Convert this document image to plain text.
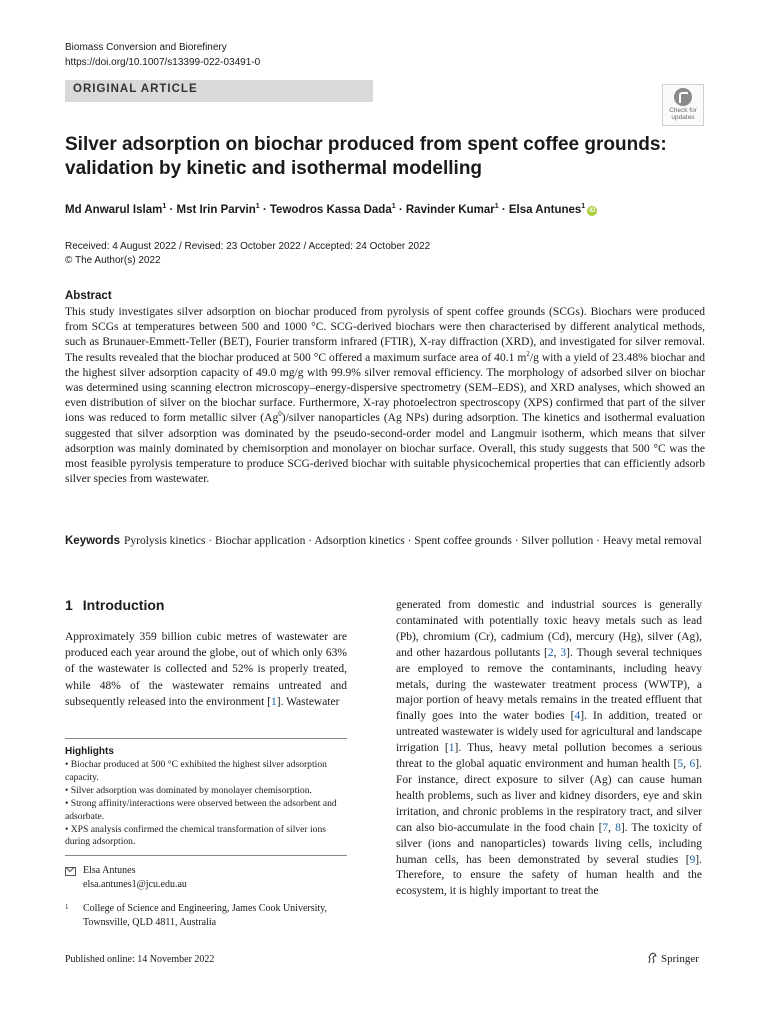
Biomass Conversion and Biorefinery
https://doi.org/10.1007/s13399-022-03491-0
ORIGINAL ARTICLE
Check for
updates
Silver adsorption on biochar produced from spent coffee grounds: validation by kinetic and isothermal modelling
Md Anwarul Islam$^1$ · Mst Irin Parvin$^1$ · Tewodros Kassa Dada$^1$ · Ravinder Kumar$^1$ · Elsa Antunes$^1$iD
Received: 4 August 2022 / Revised: 23 October 2022 / Accepted: 24 October 2022
© The Author(s) 2022
Abstract

This study investigates silver adsorption on biochar produced from pyrolysis of spent coffee grounds (SCGs). Biochars were produced from SCGs at temperatures between 500 and 1000 °C. SCG-derived biochars were then characterised by different analytical methods, such as Brunauer-Emmett-Teller (BET), Fourier transform infrared (FTIR), X-ray diffraction (XRD), and investigated for silver removal. The results revealed that the biochar produced at 500 °C offered a maximum surface area of 40.1 $m^2/g$ with a yield of 23.48% biochar and the highest silver adsorption capacity of 49.0 mg/g with 99.9% silver removal efficiency. The morphology of adsorbed silver on biochar was determined using scanning electron microscopy–energy-dispersive spectrometry (SEM–EDS), and XRD analyses, which showed an even distribution of silver on the biochar surface. Furthermore, X-ray photoelectron spectroscopy (XPS) confirmed that part of the silver ions was reduced to form metallic silver (Ag$^0$)/silver nanoparticles (Ag NPs) during adsorption. The kinetics and isothermal evaluation suggested that silver adsorption was dominated by the pseudo-second-order model and Langmuir isotherm, which means that silver adsorption was mainly dominated by chemisorption and monolayer on biochar surface. Overall, this study suggests that 500 °C was the most feasible pyrolysis temperature to produce SCG-derived biochar with suitable physicochemical properties that can efficiently adsorb silver species from wastewater.

Keywords Pyrolysis kinetics · Biochar application · Adsorption kinetics · Spent coffee grounds · Silver pollution · Heavy metal removal

1 Introduction

Approximately 359 billion cubic metres of wastewater are produced each year around the globe, out of which only 63% of the wastewater is collected and 52% is properly treated, while 48% of the wastewater remains untreated and subsequently released into the environment [1]. Wastewater

Highlights
• Biochar produced at 500 °C exhibited the highest silver adsorption capacity.
• Silver adsorption was dominated by monolayer chemisorption.
• Strong affinity/interactions were observed between the adsorbent and adsorbate.
• XPS analysis confirmed the chemical transformation of silver ions during adsorption.
Elsa Antunes
elsa.antunes1@jcu.edu.au
1 College of Science and Engineering, James Cook University, Townsville, QLD 4811, Australia
Published online: 14 November 2022	Springer

generated from domestic and industrial sources is generally contaminated with potentially toxic heavy metals such as lead (Pb), chromium (Cr), cadmium (Cd), mercury (Hg), silver (Ag), and other hazardous pollutants [2, 3]. Though several techniques are employed to remove the contaminants, including heavy metals, during the wastewater treatment process (WWTP), a major portion of heavy metals remains in the treated effluent that finally goes into the water bodies [4]. In addition, treated or untreated wastewater is widely used for agricultural and landscape irrigation [1]. Thus, heavy metal pollution becomes a serious threat to the global aquatic environment and human health [5, 6]. For instance, direct exposure to silver (Ag) can cause human health problems, such as liver and kidney disorders, eye and skin irritation, and chronic problems in the respiratory tract, and silver can also bio-accumulate in the food chain [7, 8]. The toxicity of silver (ions and nanoparticles) towards living cells, including human cells, has been demonstrated by several studies [9]. Therefore, to ensure the safety of human health and the ecosystem, it is highly important to treat the
